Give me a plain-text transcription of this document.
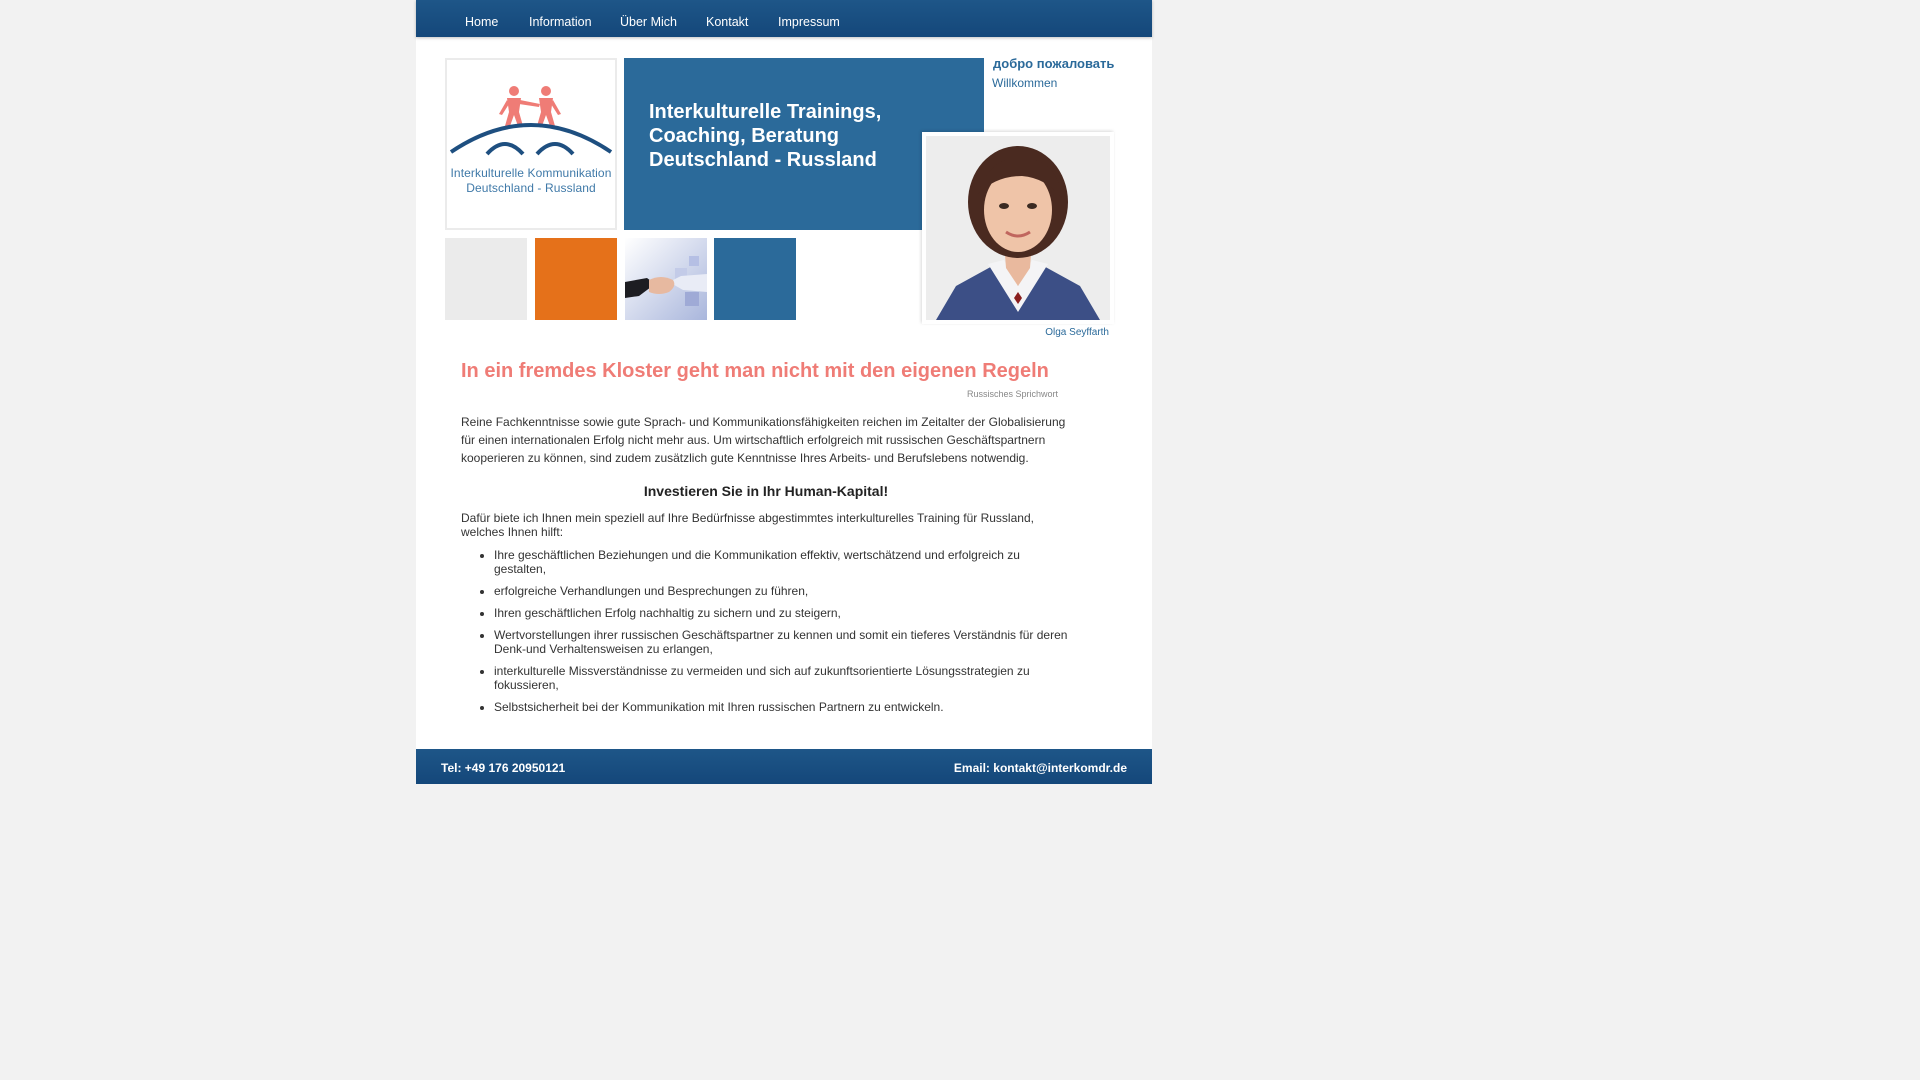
Home Information Über Mich Kontakt Impressum
Interkulturelle Kommunikation
Deutschland - Russland
Interkulturelle Trainings,
Coaching, Beratung
Deutschland - Russland
добро пожаловать
Willkommen
Olga Seyffarth
In ein fremdes Kloster geht man nicht mit den eigenen Regeln
Russisches Sprichwort
Reine Fachkenntnisse sowie gute Sprach- und Kommunikationsfähigkeiten reichen im Zeitalter der Globalisierung für einen internationalen Erfolg nicht mehr aus. Um wirtschaftlich erfolgreich mit russischen Geschäftspartnern kooperieren zu können, sind zudem zusätzlich gute Kenntnisse Ihres Arbeits- und Berufslebens notwendig.
Investieren Sie in Ihr Human-Kapital!
Dafür biete ich Ihnen mein speziell auf Ihre Bedürfnisse abgestimmtes interkulturelles Training für Russland, welches Ihnen hilft:
• Ihre geschäftlichen Beziehungen und die Kommunikation effektiv, wertschätzend und erfolgreich zu gestalten,
• erfolgreiche Verhandlungen und Besprechungen zu führen,
• Ihren geschäftlichen Erfolg nachhaltig zu sichern und zu steigern,
• Wertvorstellungen ihrer russischen Geschäftspartner zu kennen und somit ein tieferes Verständnis für deren Denk-und Verhaltensweisen zu erlangen,
• interkulturelle Missverständnisse zu vermeiden und sich auf zukunftsorientierte Lösungsstrategien zu fokussieren,
• Selbstsicherheit bei der Kommunikation mit Ihren russischen Partnern zu entwickeln.
Tel: +49 176 20950121	Email: kontakt@interkomdr.de
